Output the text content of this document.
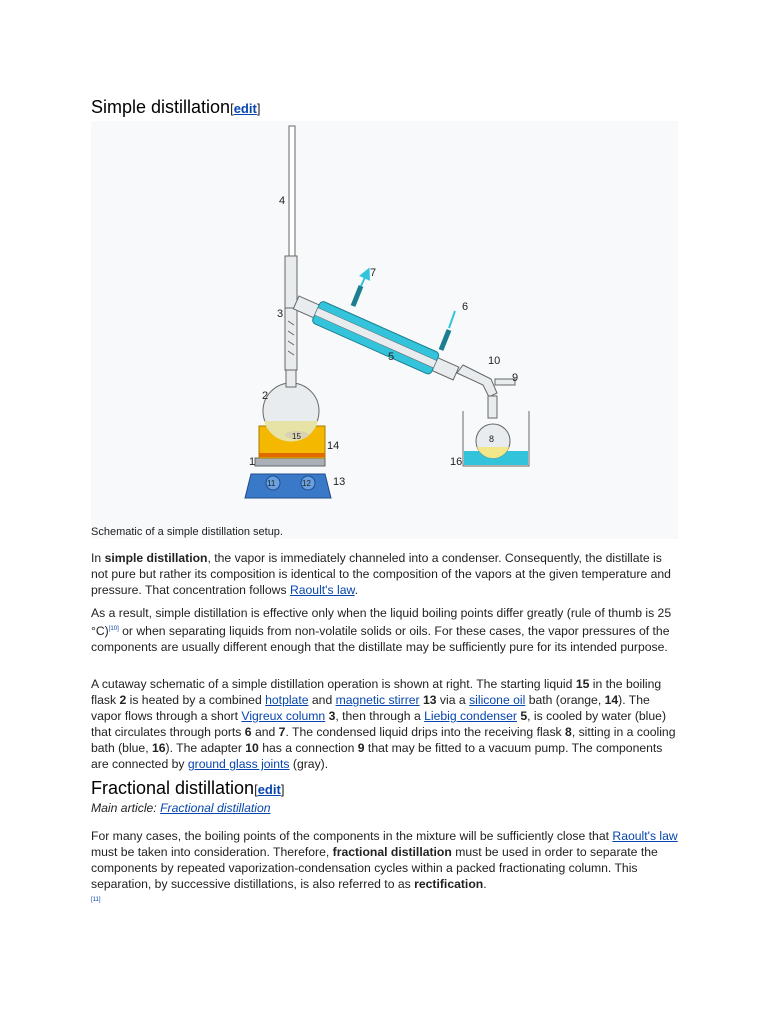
Simple distillation[edit]
1
2
3
4
5
6
7
8
9
10
11	12 13
14
15
16
Schematic of a simple distillation setup.

In simple distillation, the vapor is immediately channeled into a condenser. Consequently, the distillate is not pure but rather its composition is identical to the composition of the vapors at the given temperature and pressure. That concentration follows Raoult's law.

As a result, simple distillation is effective only when the liquid boiling points differ greatly (rule of thumb is 25 °C)[10] or when separating liquids from non-volatile solids or oils. For these cases, the vapor pressures of the components are usually different enough that the distillate may be sufficiently pure for its intended purpose.

A cutaway schematic of a simple distillation operation is shown at right. The starting liquid 15 in the boiling flask 2 is heated by a combined hotplate and magnetic stirrer 13 via a silicone oil bath (orange, 14). The vapor flows through a short Vigreux column 3, then through a Liebig condenser 5, is cooled by water (blue) that circulates through ports 6 and 7. The condensed liquid drips into the receiving flask 8, sitting in a cooling bath (blue, 16). The adapter 10 has a connection 9 that may be fitted to a vacuum pump. The components are connected by ground glass joints (gray).

Fractional distillation[edit]
Main article: Fractional distillation

For many cases, the boiling points of the components in the mixture will be sufficiently close that Raoult's law must be taken into consideration. Therefore, fractional distillation must be used in order to separate the components by repeated vaporization-condensation cycles within a packed fractionating column. This separation, by successive distillations, is also referred to as rectification.
[11]
